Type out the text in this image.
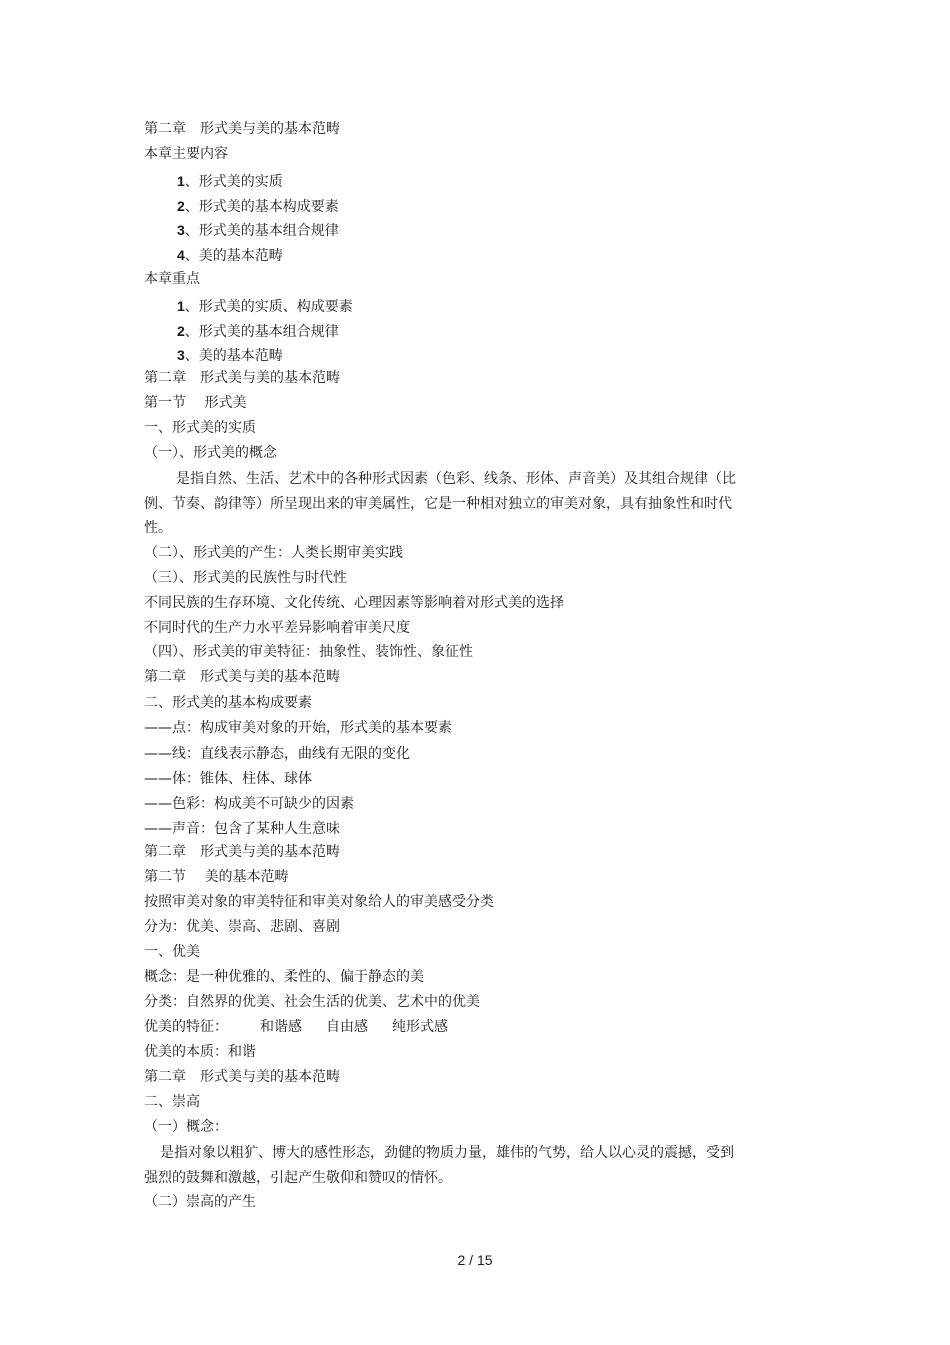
第二章　形式美与美的基本范畴
本章主要内容
1、形式美的实质
2、形式美的基本构成要素
3、形式美的基本组合规律
4、美的基本范畴
本章重点
1、形式美的实质、构成要素
2、形式美的基本组合规律
3、美的基本范畴
第二章　形式美与美的基本范畴
第一节　 形式美
一、形式美的实质
（一）、形式美的概念
是指自然、生活、艺术中的各种形式因素（色彩、线条、形体、声音美）及其组合规律（比例、节奏、韵律等）所呈现出来的审美属性，它是一种相对独立的审美对象，具有抽象性和时代性。
（二）、形式美的产生：人类长期审美实践
（三）、形式美的民族性与时代性
不同民族的生存环境、文化传统、心理因素等影响着对形式美的选择
不同时代的生产力水平差异影响着审美尺度
（四）、形式美的审美特征：抽象性、装饰性、象征性
第二章　形式美与美的基本范畴
二、形式美的基本构成要素
——点：构成审美对象的开始，形式美的基本要素
——线：直线表示静态，曲线有无限的变化
——体：锥体、柱体、球体
——色彩：构成美不可缺少的因素
——声音：包含了某种人生意味
第二章　形式美与美的基本范畴
第二节　 美的基本范畴
按照审美对象的审美特征和审美对象给人的审美感受分类
分为：优美、崇高、悲剧、喜剧
一、优美
概念：是一种优雅的、柔性的、偏于静态的美
分类：自然界的优美、社会生活的优美、艺术中的优美
优美的特征： 和谐感 自由感 纯形式感
优美的本质：和谐
第二章　形式美与美的基本范畴
二、崇高
（一）概念：
是指对象以粗犷、博大的感性形态，劲健的物质力量，雄伟的气势，给人以心灵的震撼，受到强烈的鼓舞和激越，引起产生敬仰和赞叹的情怀。
（二）崇高的产生
2 / 15
